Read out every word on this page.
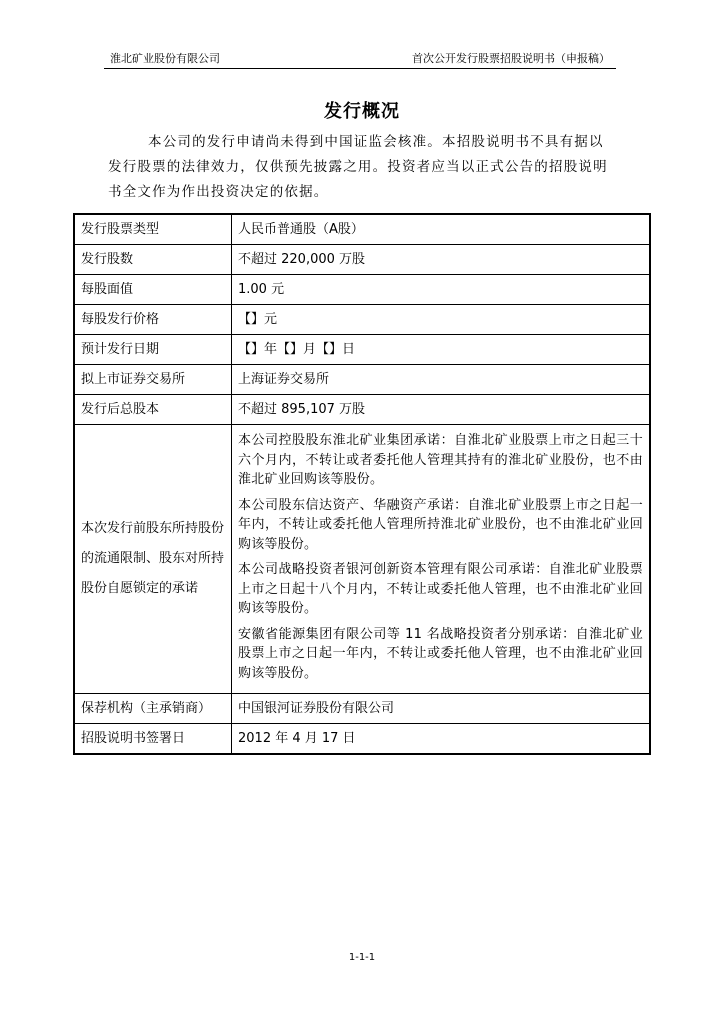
淮北矿业股份有限公司	首次公开发行股票招股说明书（申报稿）
发行概况
本公司的发行申请尚未得到中国证监会核准。本招股说明书不具有据以发行股票的法律效力，仅供预先披露之用。投资者应当以正式公告的招股说明书全文作为作出投资决定的依据。
发行股票类型	人民币普通股（A股）
发行股数	不超过 220,000 万股
每股面值	1.00 元
每股发行价格	【】元
预计发行日期	【】年【】月【】日
拟上市证券交易所	上海证券交易所
发行后总股本	不超过 895,107 万股
本次发行前股东所持股份的流通限制、股东对所持股份自愿锁定的承诺	本公司控股股东淮北矿业集团承诺：自淮北矿业股票上市之日起三十六个月内，不转让或者委托他人管理其持有的淮北矿业股份，也不由淮北矿业回购该等股份。

本公司股东信达资产、华融资产承诺：自淮北矿业股票上市之日起一年内，不转让或委托他人管理所持淮北矿业股份，也不由淮北矿业回购该等股份。

本公司战略投资者银河创新资本管理有限公司承诺：自淮北矿业股票上市之日起十八个月内，不转让或委托他人管理，也不由淮北矿业回购该等股份。

安徽省能源集团有限公司等 11 名战略投资者分别承诺：自淮北矿业股票上市之日起一年内，不转让或委托他人管理，也不由淮北矿业回购该等股份。

保荐机构（主承销商）	中国银河证券股份有限公司
招股说明书签署日	2012 年 4 月 17 日
1-1-1
